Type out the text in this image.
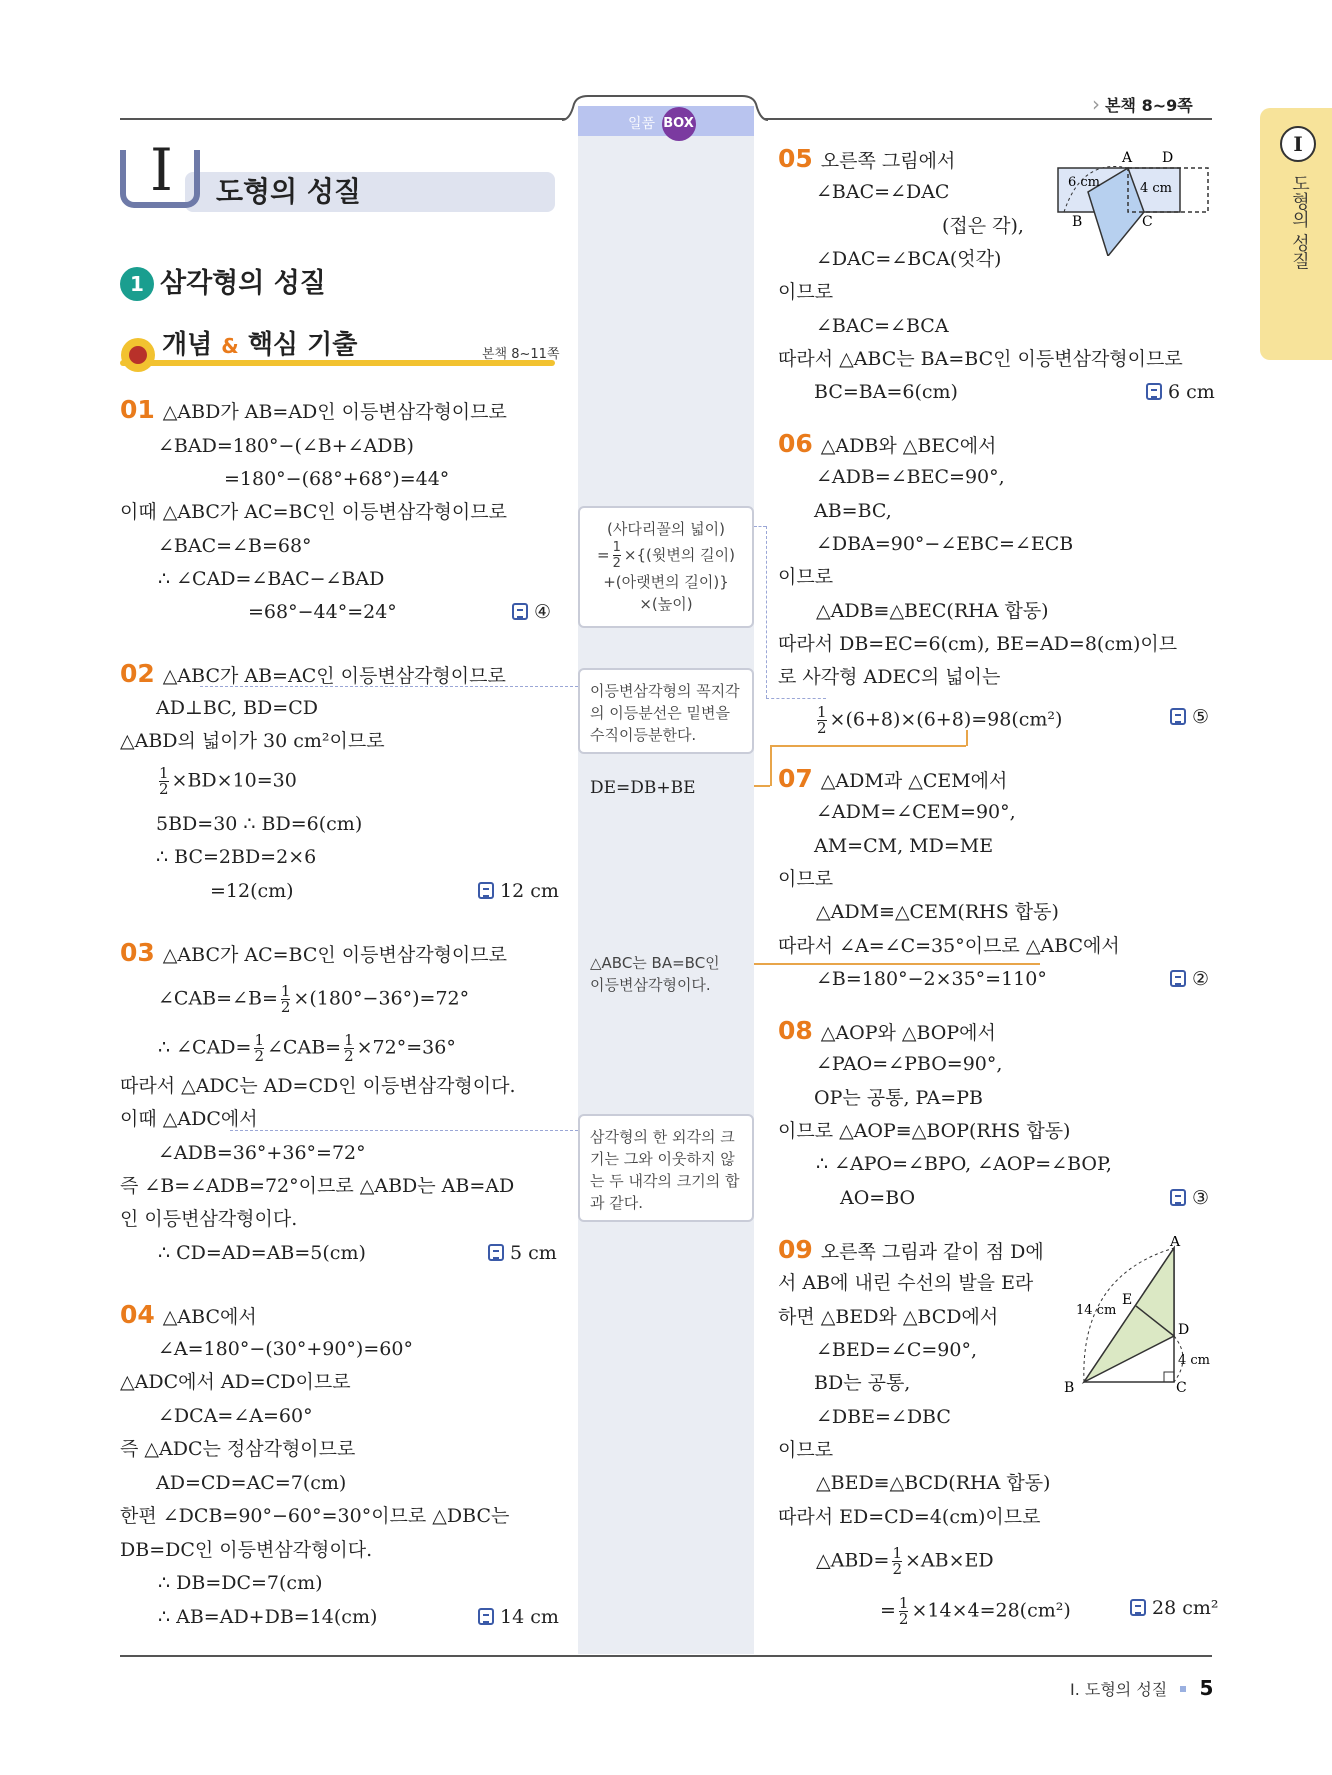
› 본책 8~9쪽
I
도형의 성질
일품 BOX
I 도형의 성질
1 삼각형의 성질
개념 & 핵심 기출	본책 8~11쪽
01 △ABD가 AB=AD인 이등변삼각형이므로
∠BAD=180°−(∠B+∠ADB)
=180°−(68°+68°)=44°
이때 △ABC가 AC=BC인 이등변삼각형이므로
∠BAC=∠B=68°
∴ ∠CAD=∠BAC−∠BAD
=68°−44°=24°	④
02 △ABC가 AB=AC인 이등변삼각형이므로
AD⊥BC, BD=CD
△ABD의 넓이가 30 cm²이므로
$\frac{1}{2} \times BD\times 10=30$
5BD=30 ∴ BD=6(cm)
∴ BC=2BD=2×6
=12(cm)	12 cm
03 △ABC가 AC=BC인 이등변삼각형이므로
∠CAB=∠B= $\frac{1}{2} \times(180^\circ-36^\circ)=72^\circ$
∴ ∠CAD= $\frac{1}{2}$ ∠CAB= $\frac{1}{2} \times 72^\circ=36^\circ$
따라서 △ADC는 AD=CD인 이등변삼각형이다.
이때 △ADC에서
∠ADB=36°+36°=72°
즉 ∠B=∠ADB=72°이므로 △ABD는 AB=AD
인 이등변삼각형이다.
∴ CD=AD=AB=5(cm)	5 cm
04 △ABC에서
∠A=180°−(30°+90°)=60°
△ADC에서 AD=CD이므로
∠DCA=∠A=60°
즉 △ADC는 정삼각형이므로
AD=CD=AC=7(cm)
한편 ∠DCB=90°−60°=30°이므로 △DBC는
DB=DC인 이등변삼각형이다.
∴ DB=DC=7(cm)
∴ AB=AD+DB=14(cm)	14 cm
(사다리꼴의 넓이)
= $\frac{1}{2}$ ×{(윗변의 길이)
+(아랫변의 길이)}
×(높이)
이등변삼각형의 꼭지각
의 이등분선은 밑변을
수직이등분한다.
DE=DB+BE
△ABC는 BA=BC인
이등변삼각형이다.
삼각형의 한 외각의 크
기는 그와 이웃하지 않
는 두 내각의 크기의 합
과 같다.
05 오른쪽 그림에서
∠BAC=∠DAC
(접은 각),
∠DAC=∠BCA(엇각)
이므로
∠BAC=∠BCA
따라서 △ABC는 BA=BC인 이등변삼각형이므로
BC=BA=6(cm)	6 cm
A D
B	C
6 cm	4 cm
06 △ADB와 △BEC에서
∠ADB=∠BEC=90°,
AB=BC,
∠DBA=90°−∠EBC=∠ECB
이므로
△ADB≡△BEC(RHA 합동)
따라서 DB=EC=6(cm), BE=AD=8(cm)이므
로 사각형 ADEC의 넓이는
$\frac{1}{2} \times(6+8)\times(6+8)=98(cm^2)$	⑤
07 △ADM과 △CEM에서
∠ADM=∠CEM=90°,
AM=CM, MD=ME
이므로
△ADM≡△CEM(RHS 합동)
따라서 ∠A=∠C=35°이므로 △ABC에서
∠B=180°−2×35°=110°	②
08 △AOP와 △BOP에서
∠PAO=∠PBO=90°,
OP는 공통, PA=PB
이므로 △AOP≡△BOP(RHS 합동)
∴ ∠APO=∠BPO, ∠AOP=∠BOP,
AO=BO	③
09 오른쪽 그림과 같이 점 D에
서 AB에 내린 수선의 발을 E라
하면 △BED와 △BCD에서
∠BED=∠C=90°,
BD는 공통,
∠DBE=∠DBC
이므로
△BED≡△BCD(RHA 합동)
따라서 ED=CD=4(cm)이므로
△ABD= $\frac{1}{2} \times AB\times ED$
= $\frac{1}{2} \times 14\times 4=28(cm^2)$	28 cm²
A
B	C
D
E
14 cm
4 cm
I. 도형의 성질 5
